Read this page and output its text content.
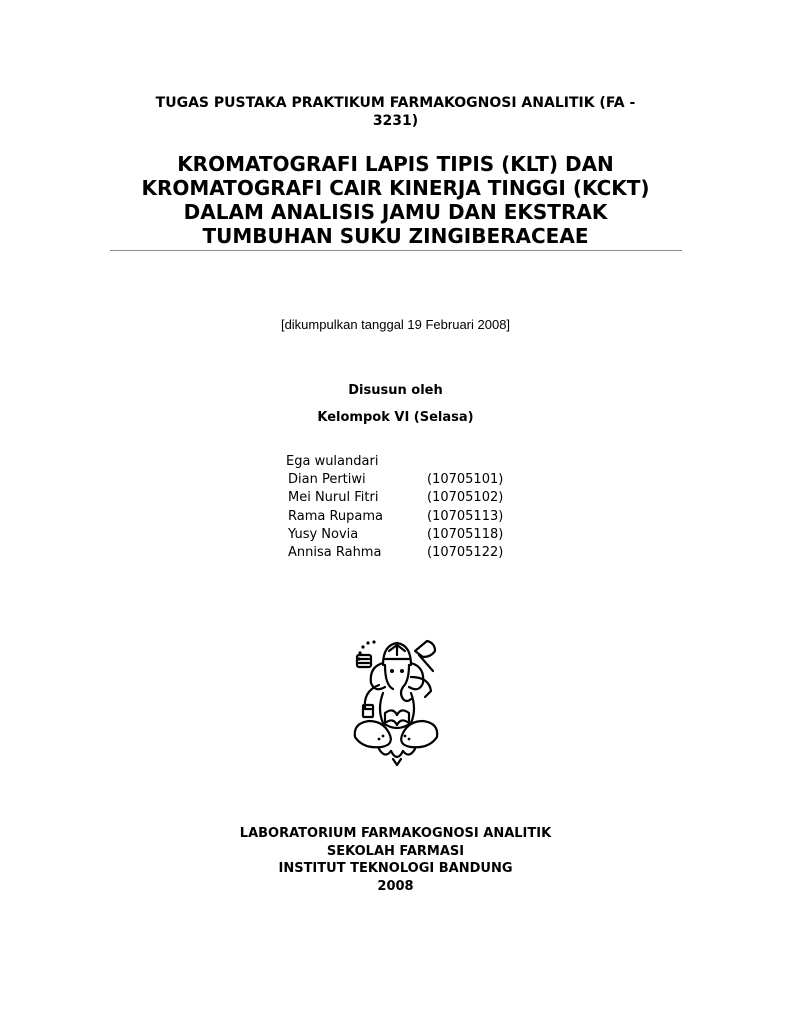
TUGAS PUSTAKA PRAKTIKUM FARMAKOGNOSI ANALITIK (FA -
3231)
KROMATOGRAFI LAPIS TIPIS (KLT) DAN
KROMATOGRAFI CAIR KINERJA TINGGI (KCKT)
DALAM ANALISIS JAMU DAN EKSTRAK
TUMBUHAN SUKU ZINGIBERACEAE
[dikumpulkan tanggal 19 Februari 2008]
Disusun oleh
Kelompok VI (Selasa)
Ega wulandari
Dian Pertiwi	(10705101)
Mei Nurul Fitri	(10705102)
Rama Rupama	(10705113)
Yusy Novia	(10705118)
Annisa Rahma	(10705122)
LABORATORIUM FARMAKOGNOSI ANALITIK
SEKOLAH FARMASI
INSTITUT TEKNOLOGI BANDUNG
2008
